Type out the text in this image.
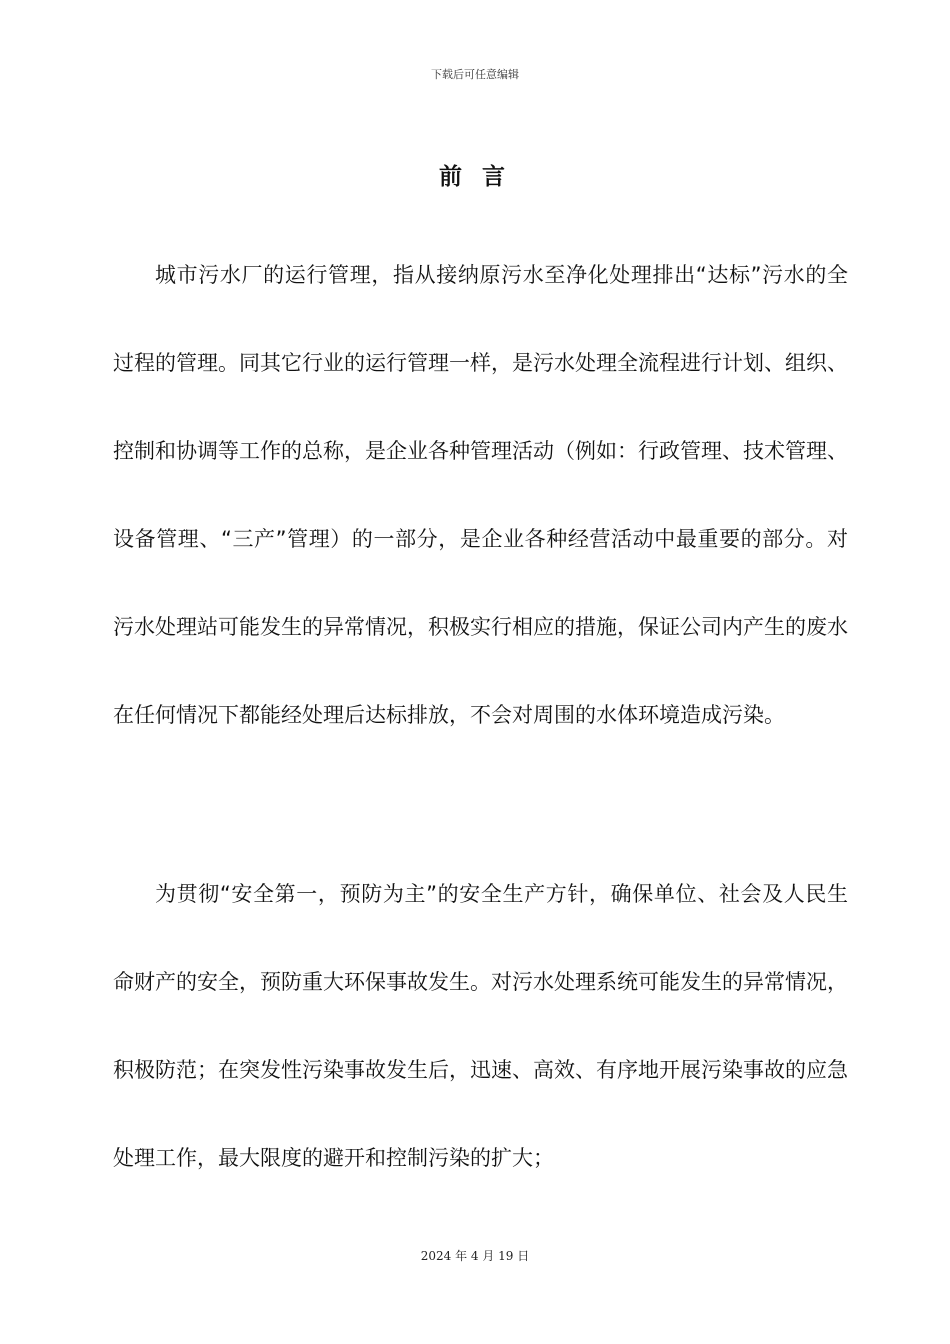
下载后可任意编辑
前 言

城市污水厂的运行管理，指从接纳原污水至净化处理排出“达标”污水的全过程的管理。同其它行业的运行管理一样，是污水处理全流程进行计划、组织、控制和协调等工作的总称，是企业各种管理活动（例如：行政管理、技术管理、设备管理、“三产”管理）的一部分，是企业各种经营活动中最重要的部分。对污水处理站可能发生的异常情况，积极实行相应的措施，保证公司内产生的废水在任何情况下都能经处理后达标排放，不会对周围的水体环境造成污染。

为贯彻“安全第一，预防为主”的安全生产方针，确保单位、社会及人民生命财产的安全，预防重大环保事故发生。对污水处理系统可能发生的异常情况，积极防范；在突发性污染事故发生后，迅速、高效、有序地开展污染事故的应急处理工作，最大限度的避开和控制污染的扩大；

2024 年 4 月 19 日
